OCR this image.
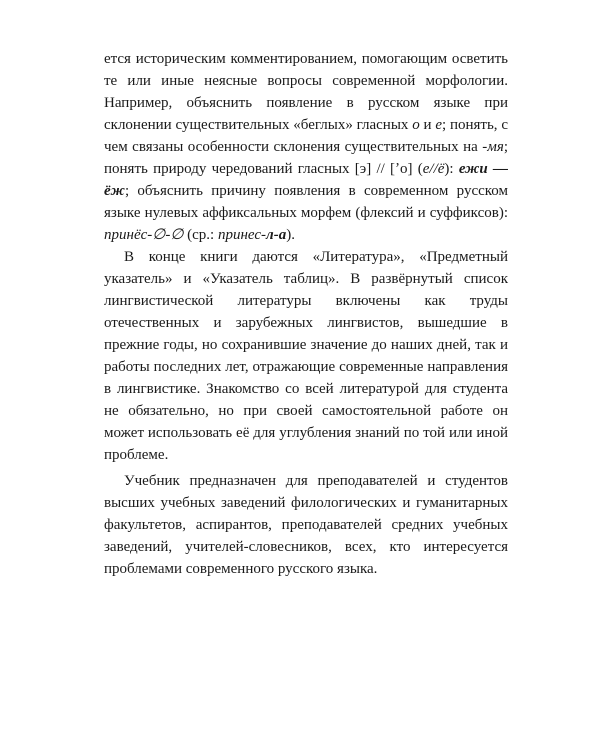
ется историческим комментированием, помогающим осветить те или иные неясные вопросы современной морфологии. Например, объяснить появление в русском языке при склонении существительных «беглых» гласных о и е; понять, с чем связаны особенности склонения существительных на -мя; понять природу чередований гласных [э] // [ʼо] (е//ё): ежи — ёж; объяснить причину появления в современном русском языке нулевых аффиксальных морфем (флексий и суффиксов): принёс-∅-∅ (ср.: принес-л-а).

В конце книги даются «Литература», «Предметный указатель» и «Указатель таблиц». В развёрнутый список лингвистической литературы включены как труды отечественных и зарубежных лингвистов, вышедшие в прежние годы, но сохранившие значение до наших дней, так и работы последних лет, отражающие современные направления в лингвистике. Знакомство со всей литературой для студента не обязательно, но при своей самостоятельной работе он может использовать её для углубления знаний по той или иной проблеме.

Учебник предназначен для преподавателей и студентов высших учебных заведений филологических и гуманитарных факультетов, аспирантов, преподавателей средних учебных заведений, учителей-словесников, всех, кто интересуется проблемами современного русского языка.
